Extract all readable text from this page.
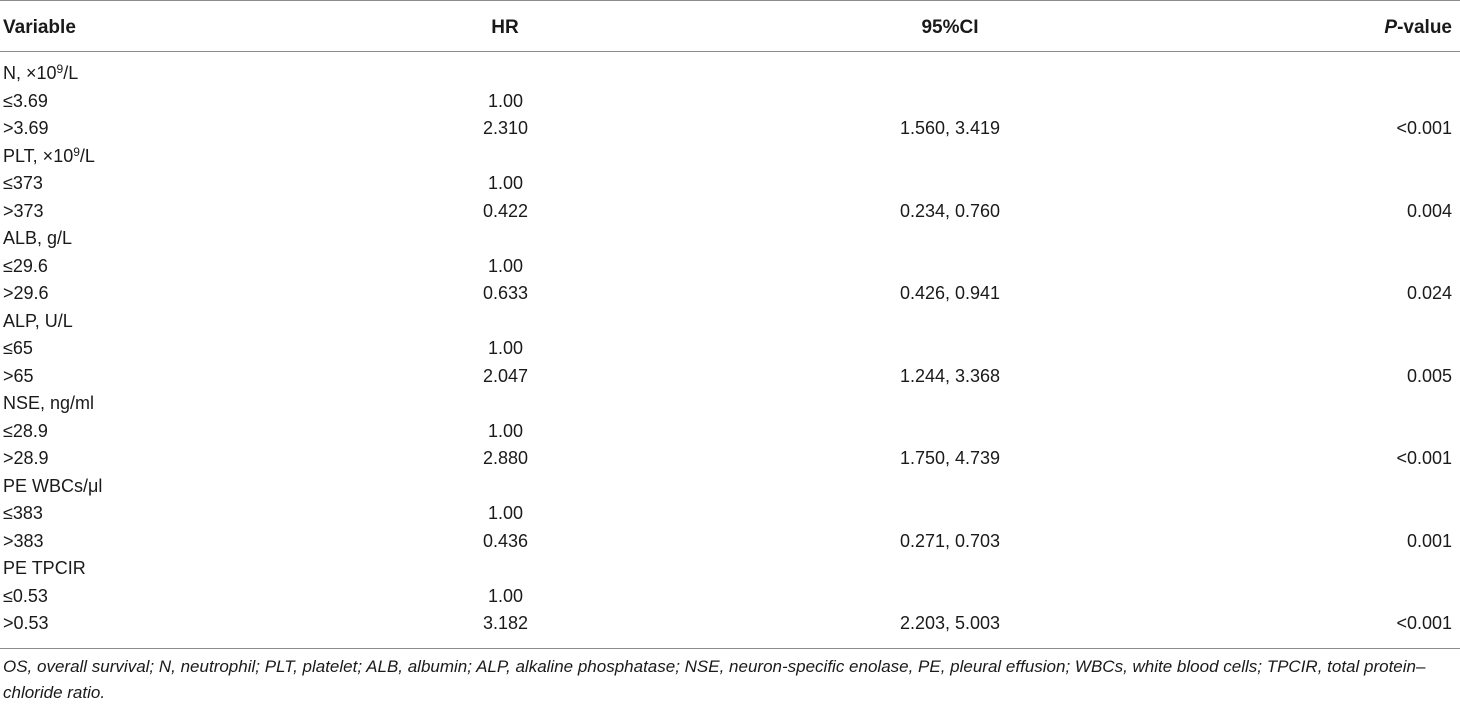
Variable	HR	95%CI	P-value
N, $\times 10^9/L$
≤3.69	1.00
>3.69	2.310	1.560, 3.419	<0.001
PLT, $\times 10^9/L$
≤373	1.00
>373	0.422	0.234, 0.760	0.004
ALB, g/L
≤29.6	1.00
>29.6	0.633	0.426, 0.941	0.024
ALP, U/L
≤65	1.00
>65	2.047	1.244, 3.368	0.005
NSE, ng/ml
≤28.9	1.00
>28.9	2.880	1.750, 4.739	<0.001
PE WBCs/μl
≤383	1.00
>383	0.436	0.271, 0.703	0.001
PE TPCIR
≤0.53	1.00
>0.53	3.182	2.203, 5.003	<0.001
OS, overall survival; N, neutrophil; PLT, platelet; ALB, albumin; ALP, alkaline phosphatase; NSE, neuron-specific enolase, PE, pleural effusion; WBCs, white blood cells; TPCIR, total protein–chloride ratio.
